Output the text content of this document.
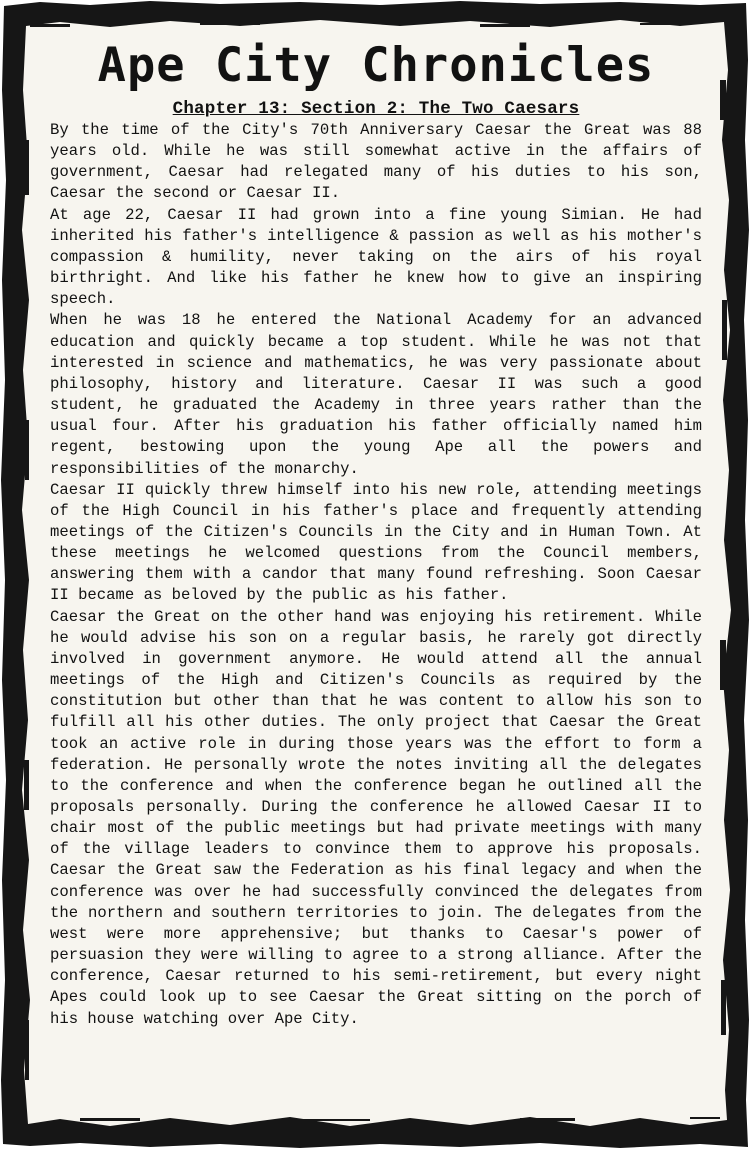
Ape City Chronicles
Chapter 13: Section 2: The Two Caesars

By the time of the City's 70th Anniversary Caesar the Great was 88 years old. While he was still somewhat active in the affairs of government, Caesar had relegated many of his duties to his son, Caesar the second or Caesar II.

At age 22, Caesar II had grown into a fine young Simian. He had inherited his father's intelligence & passion as well as his mother's compassion & humility, never taking on the airs of his royal birthright. And like his father he knew how to give an inspiring speech.

When he was 18 he entered the National Academy for an advanced education and quickly became a top student. While he was not that interested in science and mathematics, he was very passionate about philosophy, history and literature. Caesar II was such a good student, he graduated the Academy in three years rather than the usual four. After his graduation his father officially named him regent, bestowing upon the young Ape all the powers and responsibilities of the monarchy.

Caesar II quickly threw himself into his new role, attending meetings of the High Council in his father's place and frequently attending meetings of the Citizen's Councils in the City and in Human Town. At these meetings he welcomed questions from the Council members, answering them with a candor that many found refreshing. Soon Caesar II became as beloved by the public as his father.

Caesar the Great on the other hand was enjoying his retirement. While he would advise his son on a regular basis, he rarely got directly involved in government anymore. He would attend all the annual meetings of the High and Citizen's Councils as required by the constitution but other than that he was content to allow his son to fulfill all his other duties. The only project that Caesar the Great took an active role in during those years was the effort to form a federation. He personally wrote the notes inviting all the delegates to the conference and when the conference began he outlined all the proposals personally. During the conference he allowed Caesar II to chair most of the public meetings but had private meetings with many of the village leaders to convince them to approve his proposals. Caesar the Great saw the Federation as his final legacy and when the conference was over he had successfully convinced the delegates from the northern and southern territories to join. The delegates from the west were more apprehensive; but thanks to Caesar's power of persuasion they were willing to agree to a strong alliance. After the conference, Caesar returned to his semi-retirement, but every night Apes could look up to see Caesar the Great sitting on the porch of his house watching over Ape City.
